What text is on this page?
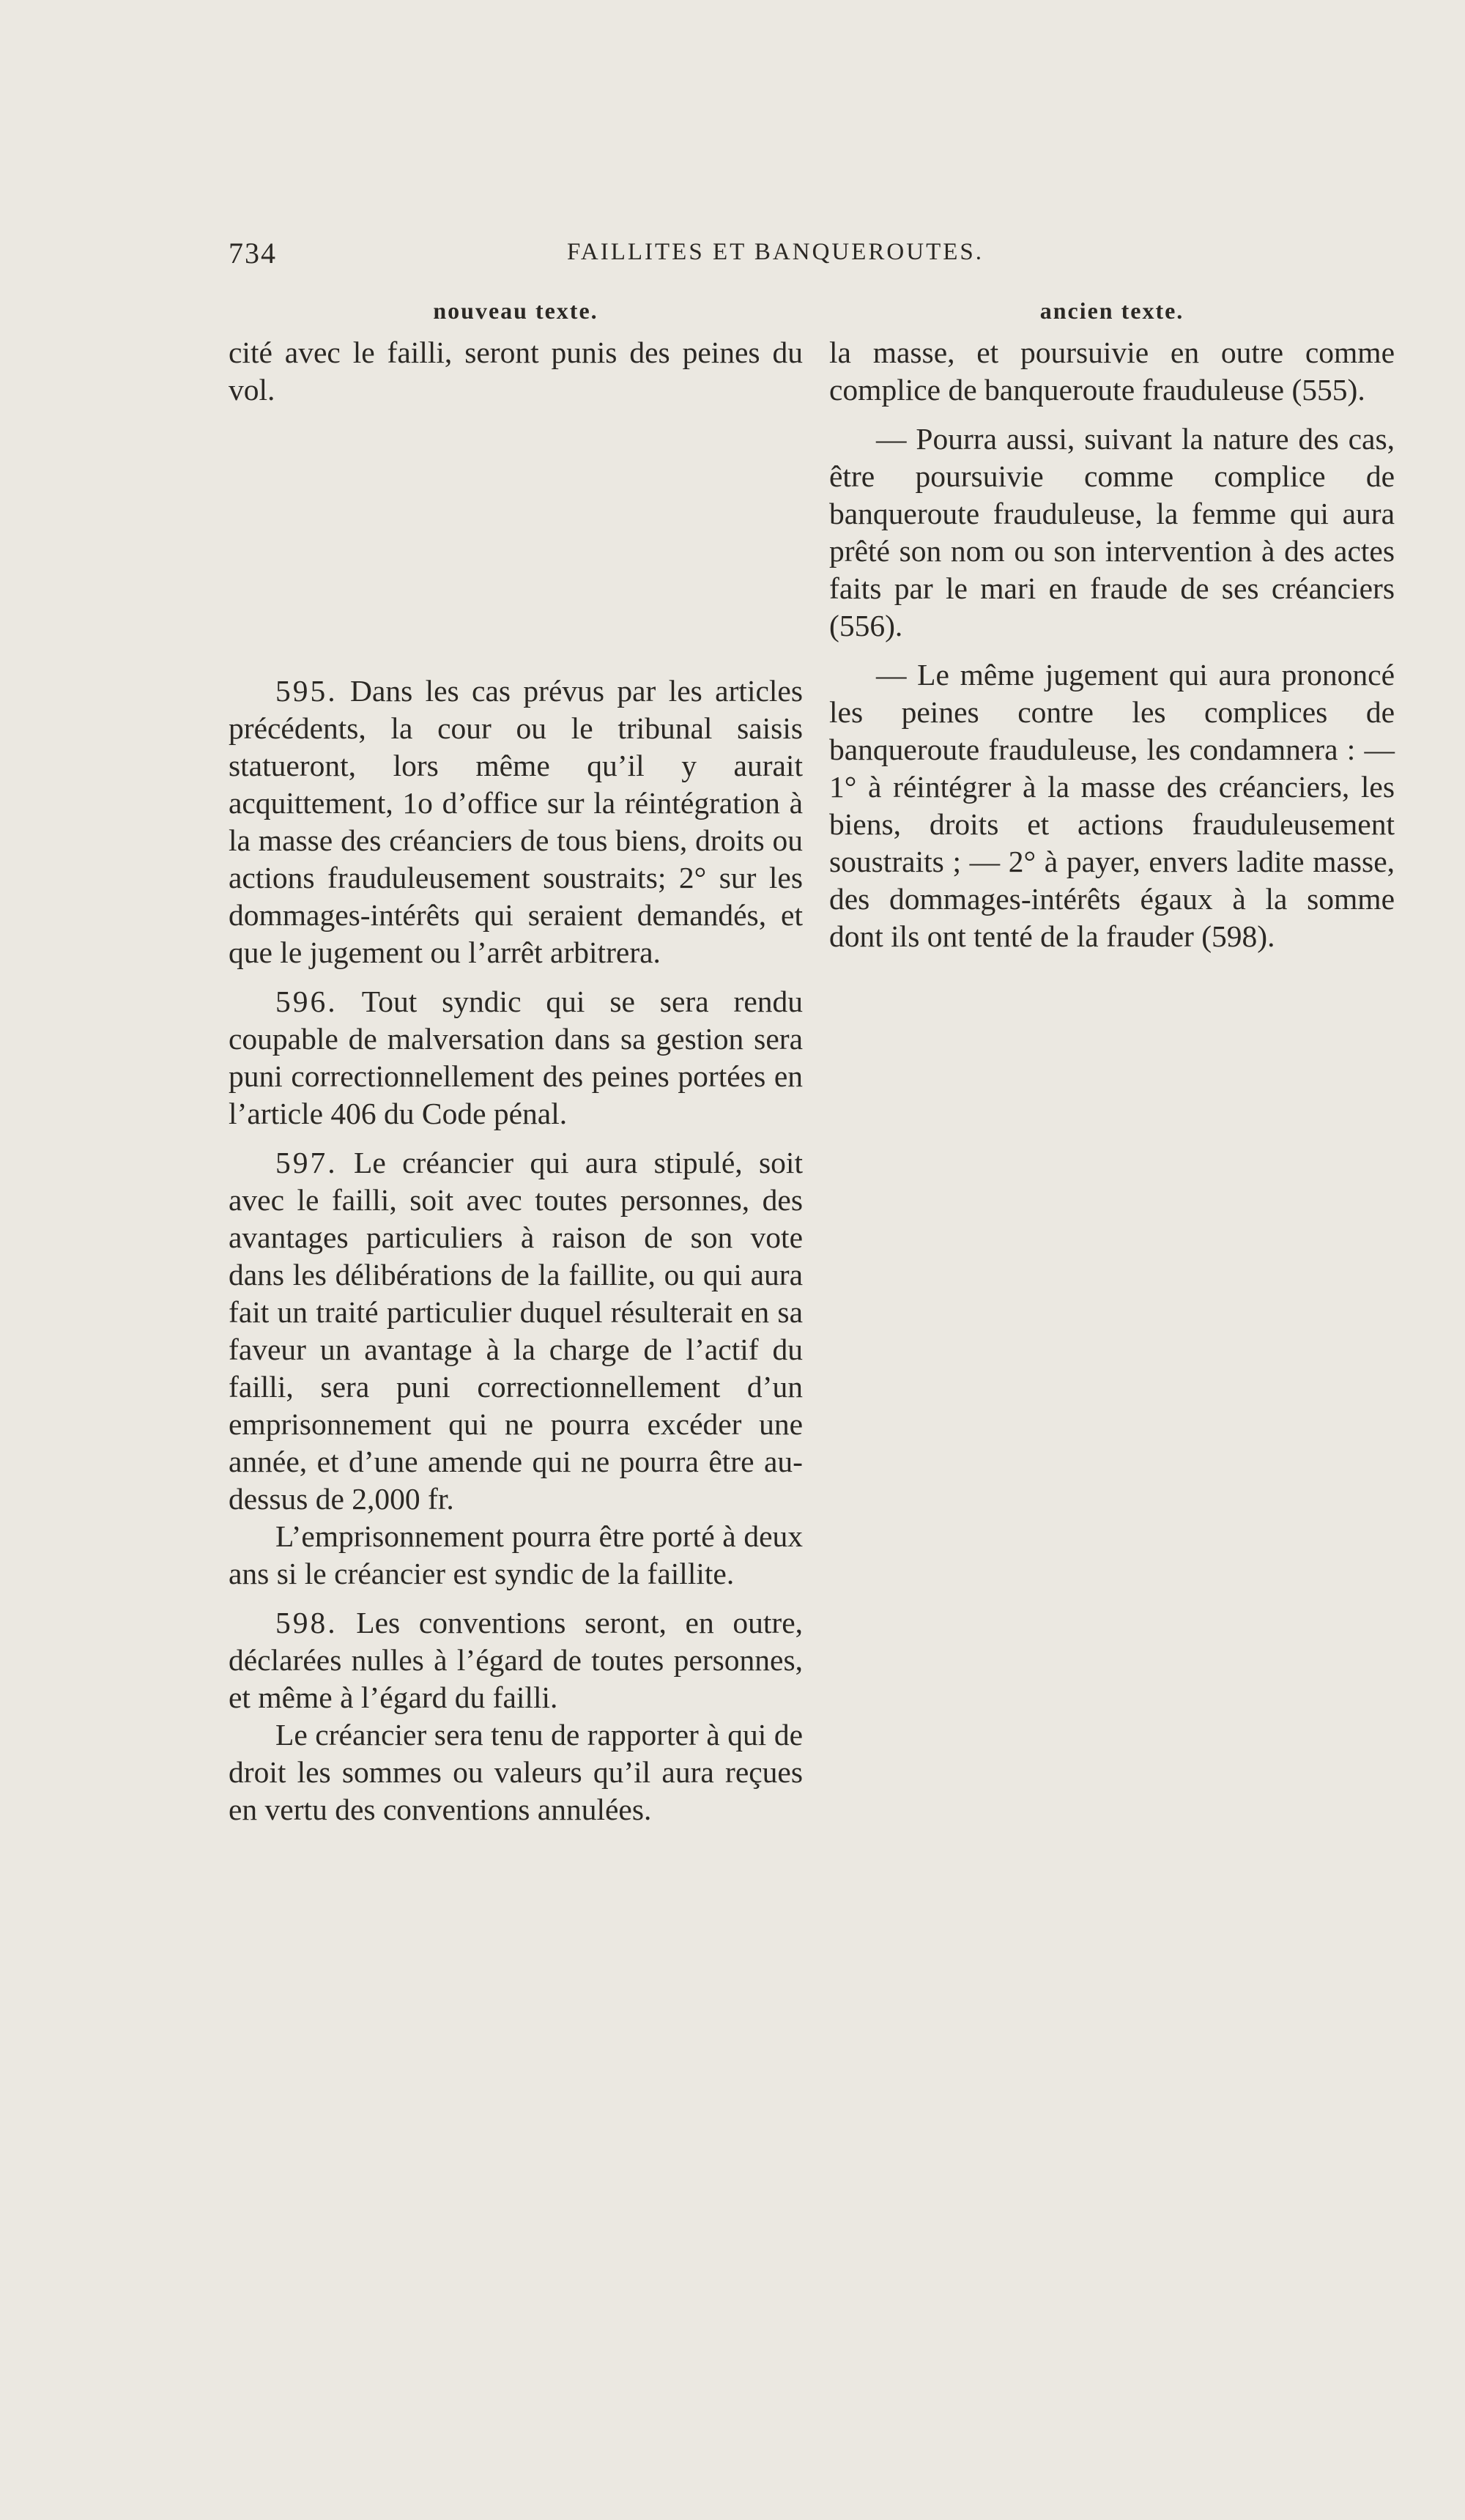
734	FAILLITES ET BANQUEROUTES.
nouveau texte.

cité avec le failli, seront punis des peines du vol.

595. Dans les cas prévus par les articles précédents, la cour ou le tribunal saisis statueront, lors même qu’il y aurait acquittement, 1o d’office sur la réintégration à la masse des créanciers de tous biens, droits ou actions frauduleusement soustraits; 2° sur les dommages-intérêts qui seraient demandés, et que le jugement ou l’arrêt arbitrera.

596. Tout syndic qui se sera rendu coupable de malversation dans sa gestion sera puni correctionnellement des peines portées en l’article 406 du Code pénal.

597. Le créancier qui aura stipulé, soit avec le failli, soit avec toutes personnes, des avantages particuliers à raison de son vote dans les délibérations de la faillite, ou qui aura fait un traité particulier duquel résulterait en sa faveur un avantage à la charge de l’actif du failli, sera puni correctionnellement d’un emprisonnement qui ne pourra excéder une année, et d’une amende qui ne pourra être au-dessus de 2,000 fr.

L’emprisonnement pourra être porté à deux ans si le créancier est syndic de la faillite.

598. Les conventions seront, en outre, déclarées nulles à l’égard de toutes personnes, et même à l’égard du failli.

Le créancier sera tenu de rapporter à qui de droit les sommes ou valeurs qu’il aura reçues en vertu des conventions annulées.

ancien texte.

la masse, et poursuivie en outre comme complice de banqueroute frauduleuse (555).

— Pourra aussi, suivant la nature des cas, être poursuivie comme complice de banqueroute frauduleuse, la femme qui aura prêté son nom ou son intervention à des actes faits par le mari en fraude de ses créanciers (556).

— Le même jugement qui aura prononcé les peines contre les complices de banqueroute frauduleuse, les condamnera : — 1° à réintégrer à la masse des créanciers, les biens, droits et actions frauduleusement soustraits ; — 2° à payer, envers ladite masse, des dommages-intérêts égaux à la somme dont ils ont tenté de la frauder (598).
